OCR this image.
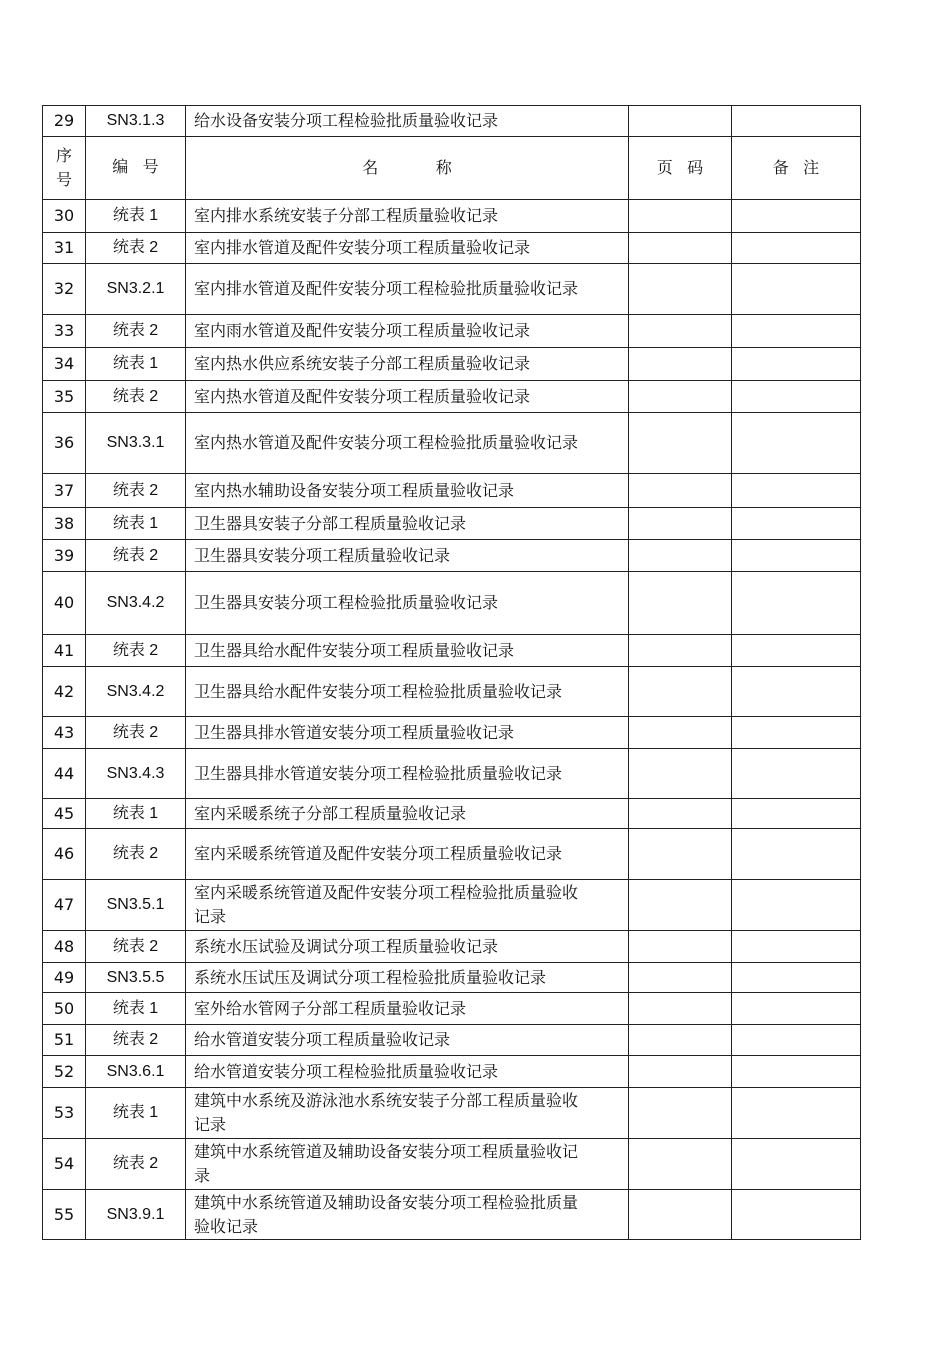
29	SN3.1.3	给水设备安装分项工程检验批质量验收记录		

序
号	编号	名称	页码	备注
30	统表 1	室内排水系统安装子分部工程质量验收记录		
31	统表 2	室内排水管道及配件安装分项工程质量验收记录		
32	SN3.2.1	室内排水管道及配件安装分项工程检验批质量验收记录		
33	统表 2	室内雨水管道及配件安装分项工程质量验收记录		
34	统表 1	室内热水供应系统安装子分部工程质量验收记录		
35	统表 2	室内热水管道及配件安装分项工程质量验收记录		
36	SN3.3.1	室内热水管道及配件安装分项工程检验批质量验收记录		
37	统表 2	室内热水辅助设备安装分项工程质量验收记录		
38	统表 1	卫生器具安装子分部工程质量验收记录		
39	统表 2	卫生器具安装分项工程质量验收记录		
40	SN3.4.2	卫生器具安装分项工程检验批质量验收记录		
41	统表 2	卫生器具给水配件安装分项工程质量验收记录		
42	SN3.4.2	卫生器具给水配件安装分项工程检验批质量验收记录		
43	统表 2	卫生器具排水管道安装分项工程质量验收记录		
44	SN3.4.3	卫生器具排水管道安装分项工程检验批质量验收记录		
45	统表 1	室内采暖系统子分部工程质量验收记录		
46	统表 2	室内采暖系统管道及配件安装分项工程质量验收记录		
47	SN3.5.1	室内采暖系统管道及配件安装分项工程检验批质量验收记录		
48	统表 2	系统水压试验及调试分项工程质量验收记录		
49	SN3.5.5	系统水压试压及调试分项工程检验批质量验收记录		
50	统表 1	室外给水管网子分部工程质量验收记录		
51	统表 2	给水管道安装分项工程质量验收记录		
52	SN3.6.1	给水管道安装分项工程检验批质量验收记录		
53	统表 1	建筑中水系统及游泳池水系统安装子分部工程质量验收记录		
54	统表 2	建筑中水系统管道及辅助设备安装分项工程质量验收记录		
55	SN3.9.1	建筑中水系统管道及辅助设备安装分项工程检验批质量验收记录		
